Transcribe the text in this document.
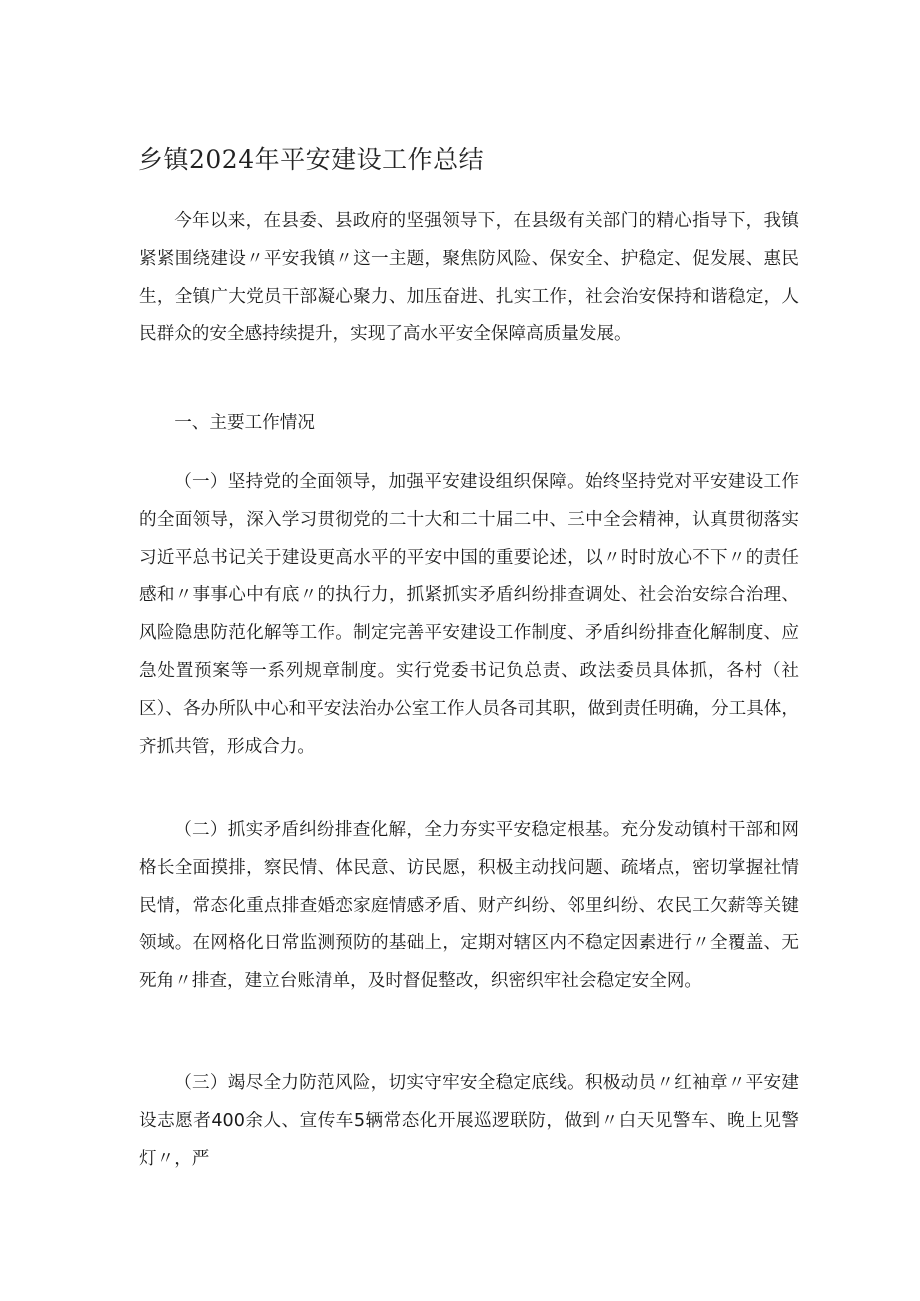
乡镇2024年平安建设工作总结
今年以来，在县委、县政府的坚强领导下，在县级有关部门的精心指导下，我镇紧紧围绕建设〃平安我镇〃这一主题，聚焦防风险、保安全、护稳定、促发展、惠民生，全镇广大党员干部凝心聚力、加压奋进、扎实工作，社会治安保持和谐稳定，人民群众的安全感持续提升，实现了高水平安全保障高质量发展。
一、主要工作情况
（一）坚持党的全面领导，加强平安建设组织保障。始终坚持党对平安建设工作的全面领导，深入学习贯彻党的二十大和二十届二中、三中全会精神，认真贯彻落实习近平总书记关于建设更高水平的平安中国的重要论述，以〃时时放心不下〃的责任感和〃事事心中有底〃的执行力，抓紧抓实矛盾纠纷排查调处、社会治安综合治理、风险隐患防范化解等工作。制定完善平安建设工作制度、矛盾纠纷排查化解制度、应急处置预案等一系列规章制度。实行党委书记负总责、政法委员具体抓，各村（社区）、各办所队中心和平安法治办公室工作人员各司其职，做到责任明确，分工具体，齐抓共管，形成合力。
（二）抓实矛盾纠纷排查化解，全力夯实平安稳定根基。充分发动镇村干部和网格长全面摸排，察民情、体民意、访民愿，积极主动找问题、疏堵点，密切掌握社情民情，常态化重点排查婚恋家庭情感矛盾、财产纠纷、邻里纠纷、农民工欠薪等关键领域。在网格化日常监测预防的基础上，定期对辖区内不稳定因素进行〃全覆盖、无死角〃排查，建立台账清单，及时督促整改，织密织牢社会稳定安全网。
（三）竭尽全力防范风险，切实守牢安全稳定底线。积极动员〃红袖章〃平安建设志愿者400余人、宣传车5辆常态化开展巡逻联防，做到〃白天见警车、晚上见警灯〃，严
